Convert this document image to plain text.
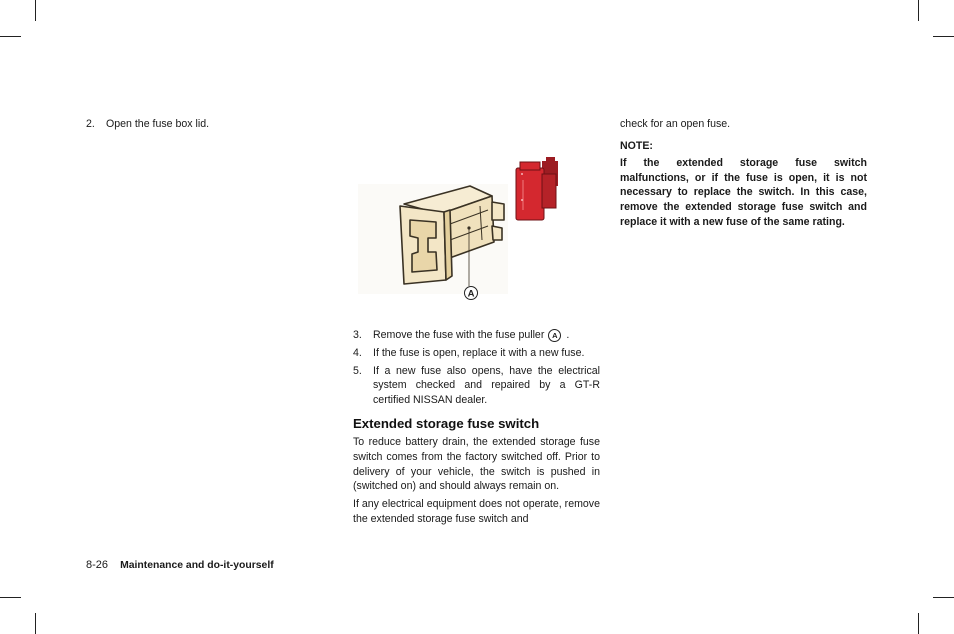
2.	Open the fuse box lid.
A
3.	Remove the fuse with the fuse puller A .
4.	If the fuse is open, replace it with a new fuse.
5.	If a new fuse also opens, have the electrical system checked and repaired by a GT-R certified NISSAN dealer.
Extended storage fuse switch

To reduce battery drain, the extended storage fuse switch comes from the factory switched off. Prior to delivery of your vehicle, the switch is pushed in (switched on) and should always remain on.

If any electrical equipment does not operate, remove the extended storage fuse switch and

check for an open fuse.

NOTE:
If the extended storage fuse switch malfunctions, or if the fuse is open, it is not necessary to replace the switch. In this case, remove the extended storage fuse switch and replace it with a new fuse of the same rating.
8-26 Maintenance and do-it-yourself
